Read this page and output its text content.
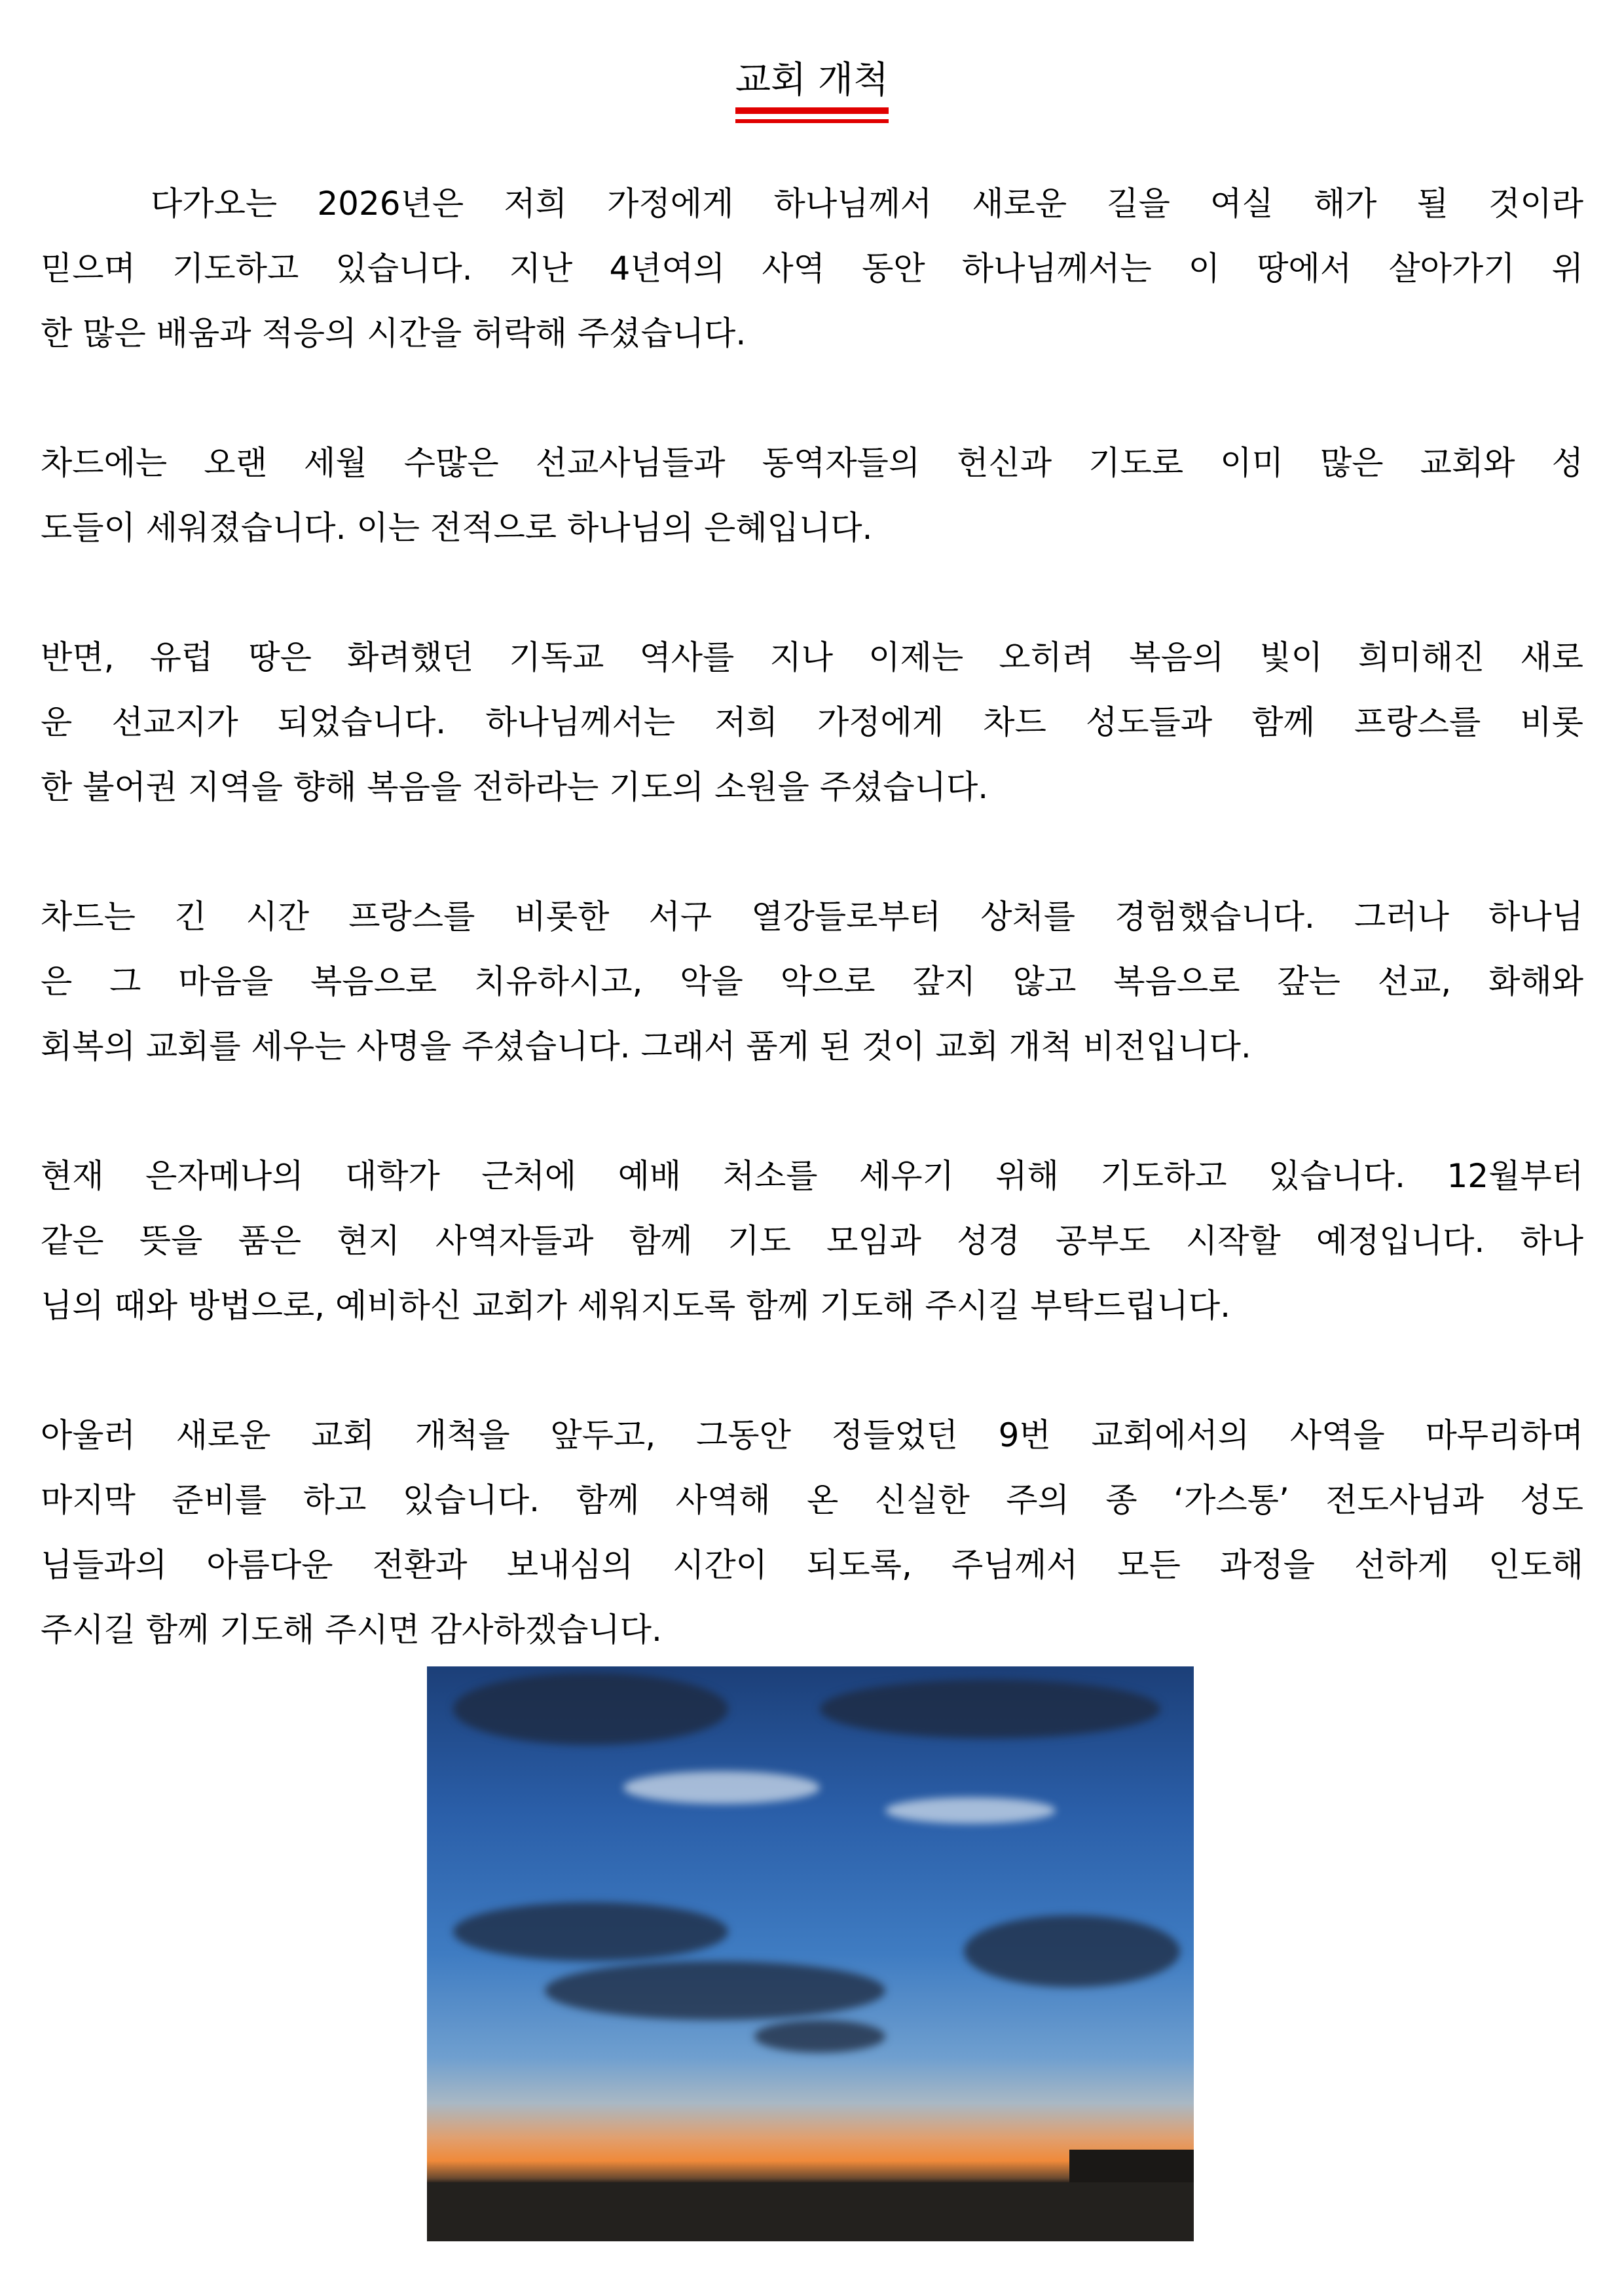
교회 개척
다가오는 2026년은 저희 가정에게 하나님께서 새로운 길을 여실 해가 될 것이라
믿으며 기도하고 있습니다. 지난 4년여의 사역 동안 하나님께서는 이 땅에서 살아가기 위
한 많은 배움과 적응의 시간을 허락해 주셨습니다.
차드에는 오랜 세월 수많은 선교사님들과 동역자들의 헌신과 기도로 이미 많은 교회와 성
도들이 세워졌습니다. 이는 전적으로 하나님의 은혜입니다.
반면, 유럽 땅은 화려했던 기독교 역사를 지나 이제는 오히려 복음의 빛이 희미해진 새로
운 선교지가 되었습니다. 하나님께서는 저희 가정에게 차드 성도들과 함께 프랑스를 비롯
한 불어권 지역을 향해 복음을 전하라는 기도의 소원을 주셨습니다.
차드는 긴 시간 프랑스를 비롯한 서구 열강들로부터 상처를 경험했습니다. 그러나 하나님
은 그 마음을 복음으로 치유하시고, 악을 악으로 갚지 않고 복음으로 갚는 선교, 화해와
회복의 교회를 세우는 사명을 주셨습니다. 그래서 품게 된 것이 교회 개척 비전입니다.
현재 은자메나의 대학가 근처에 예배 처소를 세우기 위해 기도하고 있습니다. 12월부터
같은 뜻을 품은 현지 사역자들과 함께 기도 모임과 성경 공부도 시작할 예정입니다. 하나
님의 때와 방법으로, 예비하신 교회가 세워지도록 함께 기도해 주시길 부탁드립니다.
아울러 새로운 교회 개척을 앞두고, 그동안 정들었던 9번 교회에서의 사역을 마무리하며
마지막 준비를 하고 있습니다. 함께 사역해 온 신실한 주의 종 ‘가스통’ 전도사님과 성도
님들과의 아름다운 전환과 보내심의 시간이 되도록, 주님께서 모든 과정을 선하게 인도해
주시길 함께 기도해 주시면 감사하겠습니다.
